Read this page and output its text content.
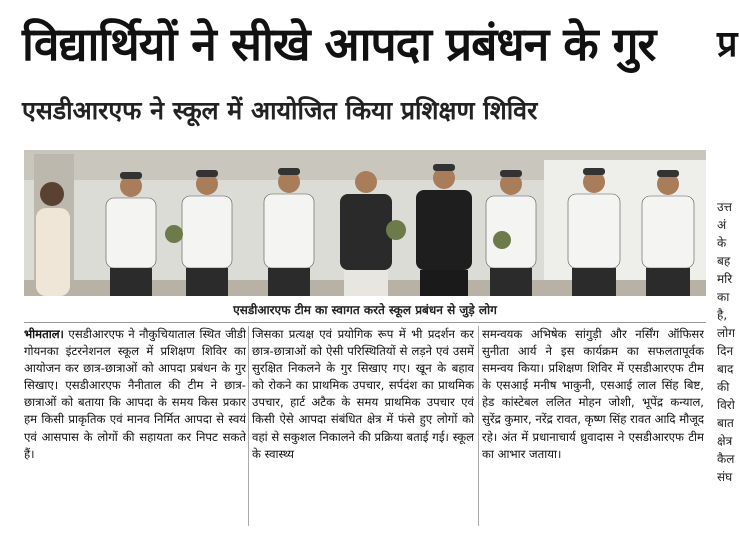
विद्यार्थियों ने सीखे आपदा प्रबंधन के गुर
एसडीआरएफ ने स्कूल में आयोजित किया प्रशिक्षण शिविर
एसडीआरएफ टीम का स्वागत करते स्कूल प्रबंधन से जुड़े लोग
भीमताल। एसडीआरएफ ने नौकुचियाताल स्थित जीडी गोयनका इंटरनेशनल स्कूल में प्रशिक्षण शिविर का आयोजन कर छात्र-छात्राओं को आपदा प्रबंधन के गुर सिखाए। एसडीआरएफ नैनीताल की टीम ने छात्र-छात्राओं को बताया कि आपदा के समय किस प्रकार हम किसी प्राकृतिक एवं मानव निर्मित आपदा से स्वयं एवं आसपास के लोगों की सहायता कर निपट सकते हैं।
जिसका प्रत्यक्ष एवं प्रयोगिक रूप में भी प्रदर्शन कर छात्र-छात्राओं को ऐसी परिस्थितियों से लड़ने एवं उसमें सुरक्षित निकलने के गुर सिखाए गए। खून के बहाव को रोकने का प्राथमिक उपचार, सर्पदंश का प्राथमिक उपचार, हार्ट अटैक के समय प्राथमिक उपचार एवं किसी ऐसे आपदा संबंधित क्षेत्र में फंसे हुए लोगों को वहां से सकुशल निकालने की प्रक्रिया बताई गई। स्कूल के स्वास्थ्य
समन्वयक अभिषेक सांगुड़ी और नर्सिंग ऑफिसर सुनीता आर्य ने इस कार्यक्रम का सफलतापूर्वक समन्वय किया। प्रशिक्षण शिविर में एसडीआरएफ टीम के एसआई मनीष भाकुनी, एसआई लाल सिंह बिष्ट, हेड कांस्टेबल ललित मोहन जोशी, भूपेंद्र कन्याल, सुरेंद्र कुमार, नरेंद्र रावत, कृष्ण सिंह रावत आदि मौजूद रहे। अंत में प्रधानाचार्य ध्रुवादास ने एसडीआरएफ टीम का आभार जताया।
प्र
उत्त
अं
के
बह
मरि
का
है,
लोग
दिन
बाद
की
विरो
बात
क्षेत्र
कैल
संघ
